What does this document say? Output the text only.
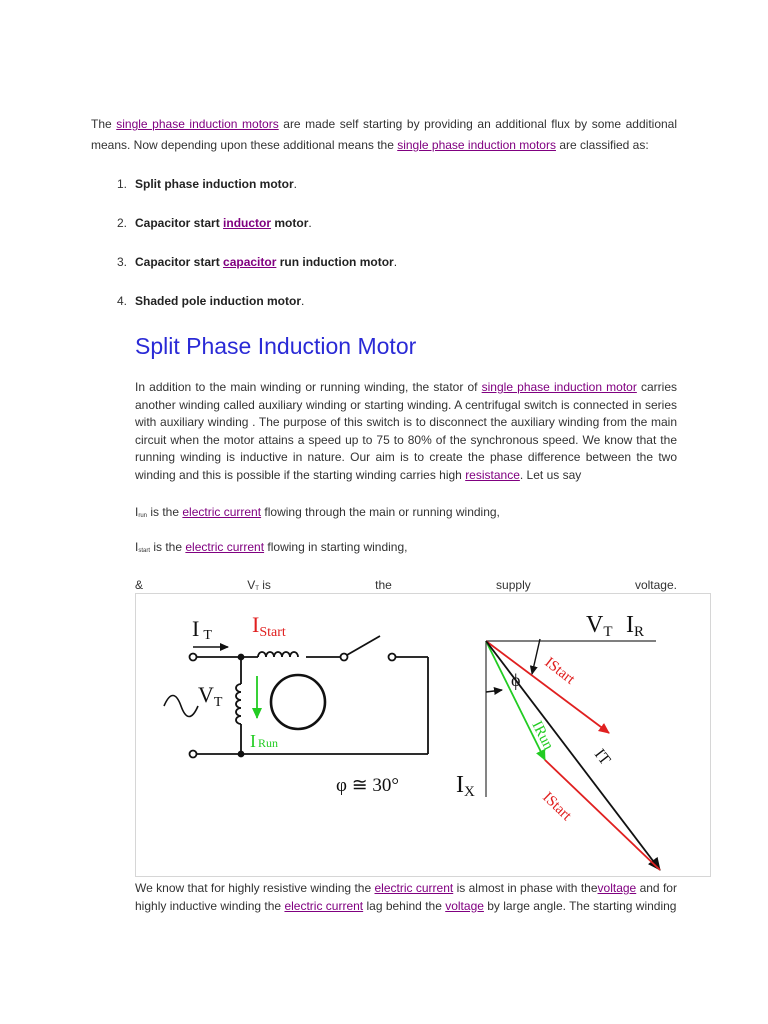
The single phase induction motors are made self starting by providing an additional flux by some additional means. Now depending upon these additional means the single phase induction motors are classified as:

1. Split phase induction motor.
2. Capacitor start inductor motor.
3. Capacitor start capacitor run induction motor.
4. Shaded pole induction motor.
Split Phase Induction Motor

In addition to the main winding or running winding, the stator of single phase induction motor carries another winding called auxiliary winding or starting winding. A centrifugal switch is connected in series with auxiliary winding . The purpose of this switch is to disconnect the auxiliary winding from the main circuit when the motor attains a speed up to 75 to 80% of the synchronous speed. We know that the running winding is inductive in nature. Our aim is to create the phase difference between the two winding and this is possible if the starting winding carries high resistance. Let us say

Irun is the electric current flowing through the main or running winding,

Istart is the electric current flowing in starting winding,

&	VT is	the	supply	voltage.
I T IStart
VT
I Run
φ ≅ 30°
VT IR
IX
ϕ IStart
IRun
IT
IStart

We know that for highly resistive winding the electric current is almost in phase with thevoltage and for highly inductive winding the electric current lag behind the voltage by large angle. The starting winding
